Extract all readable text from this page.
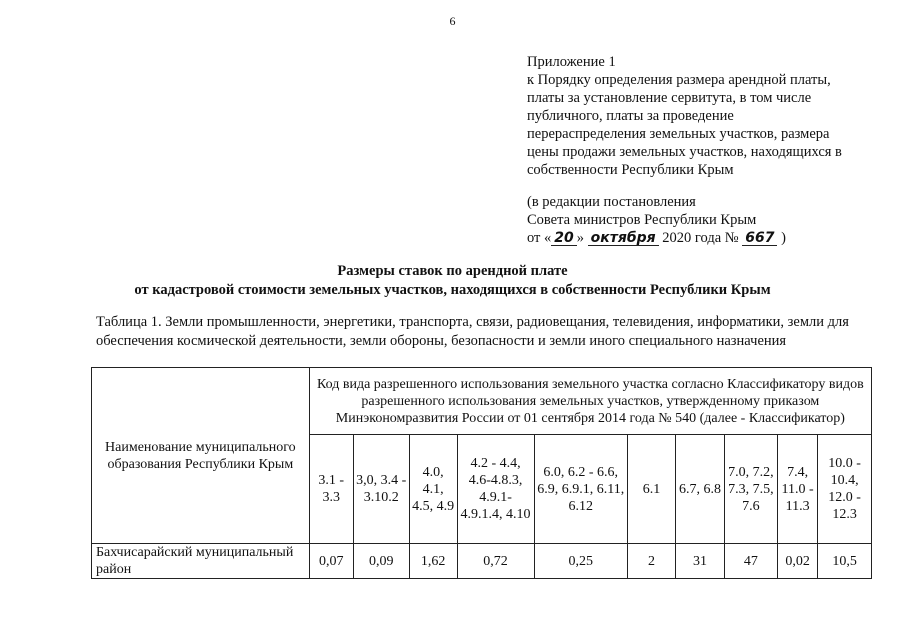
6
Приложение 1
к Порядку определения размера арендной платы,
платы за установление сервитута, в том числе
публичного, платы за проведение
перераспределения земельных участков, размера
цены продажи земельных участков, находящихся в
собственности Республики Крым
(в редакции постановления
Совета министров Республики Крым
от « 20 » октября 2020 года № 667 )
Размеры ставок по арендной плате
от кадастровой стоимости земельных участков, находящихся в собственности Республики Крым
Таблица 1. Земли промышленности, энергетики, транспорта, связи, радиовещания, телевидения, информатики, земли для обеспечения космической деятельности, земли обороны, безопасности и земли иного специального назначения
Наименование муниципального образования Республики Крым	Код вида разрешенного использования земельного участка согласно Классификатору видов разрешенного использования земельных участков, утвержденному приказом Минэкономразвития России от 01 сентября 2014 года № 540 (далее - Классификатор)									
	3.1 - 3.3	3,0, 3.4 - 3.10.2	4.0, 4.1, 4.5, 4.9	4.2 - 4.4, 4.6-4.8.3, 4.9.1-4.9.1.4, 4.10	6.0, 6.2 - 6.6, 6.9, 6.9.1, 6.11, 6.12	6.1	6.7, 6.8	7.0, 7.2, 7.3, 7.5, 7.6	7.4, 11.0 - 11.3	10.0 - 10.4, 12.0 - 12.3
Бахчисарайский муниципальный район	0,07	0,09	1,62	0,72	0,25	2	31	47	0,02	10,5
